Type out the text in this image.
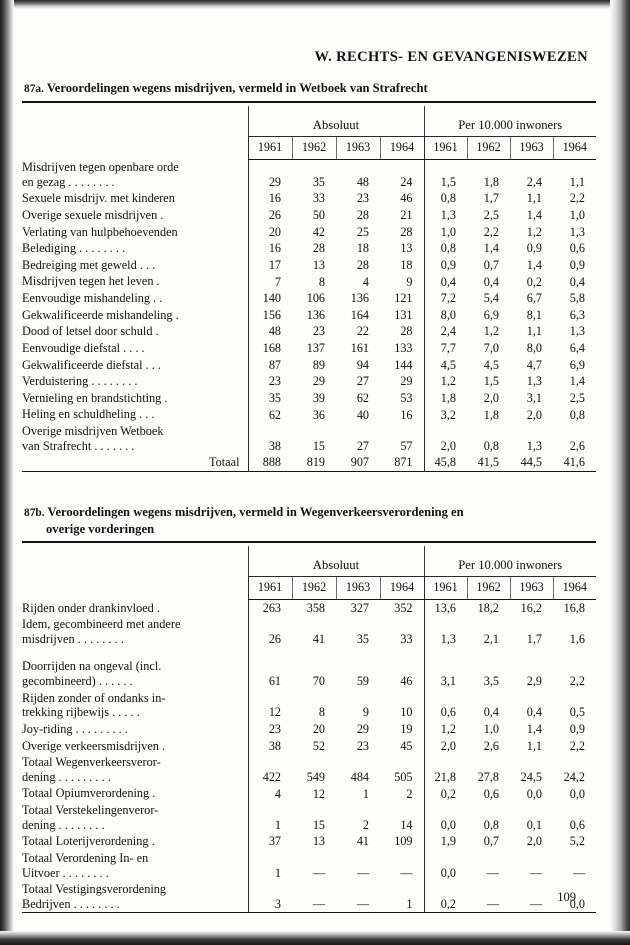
W. RECHTS- EN GEVANGENISWEZEN
87a. Veroordelingen wegens misdrijven, vermeld in Wetboek van Strafrecht

	Absoluut				Per 10.000 inwoners			
	1961	1962	1963	1964	1961	1962	1963	1964

Misdrijven tegen openbare orde
en gezag . . . . . . . .	29	35	48	24	1,5	1,8	2,4	1,1

Sexuele misdrijv. met kinderen	16	33	23	46	0,8	1,7	1,1	2,2

Overige sexuele misdrijven .	26	50	28	21	1,3	2,5	1,4	1,0

Verlating van hulpbehoevenden	20	42	25	28	1,0	2,2	1,2	1,3

Belediging . . . . . . . .	16	28	18	13	0,8	1,4	0,9	0,6

Bedreiging met geweld . . .	17	13	28	18	0,9	0,7	1,4	0,9

Misdrijven tegen het leven .	7	8	4	9	0,4	0,4	0,2	0,4

Eenvoudige mishandeling . .	140	106	136	121	7,2	5,4	6,7	5,8

Gekwalificeerde mishandeling .	156	136	164	131	8,0	6,9	8,1	6,3

Dood of letsel door schuld .	48	23	22	28	2,4	1,2	1,1	1,3

Eenvoudige diefstal . . . .	168	137	161	133	7,7	7,0	8,0	6,4

Gekwalificeerde diefstal . . .	87	89	94	144	4,5	4,5	4,7	6,9

Verduistering . . . . . . . .	23	29	27	29	1,2	1,5	1,3	1,4

Vernieling en brandstichting .	35	39	62	53	1,8	2,0	3,1	2,5

Heling en schuldheling . . .	62	36	40	16	3,2	1,8	2,0	0,8

Overige misdrijven Wetboek
van Strafrecht . . . . . . .	38	15	27	57	2,0	0,8	1,3	2,6
Totaal	888	819	907	871	45,8	41,5	44,5	41,6

87b. Veroordelingen wegens misdrijven, vermeld in Wegenverkeersverordening en
overige vorderingen

	Absoluut				Per 10.000 inwoners			
	1961	1962	1963	1964	1961	1962	1963	1964

Rijden onder drankinvloed .	263	358	327	352	13,6	18,2	16,2	16,8

Idem, gecombineerd met andere
misdrijven . . . . . . . .	26	41	35	33	1,3	2,1	1,7	1,6

Doorrijden na ongeval (incl.
gecombineerd) . . . . . .	61	70	59	46	3,1	3,5	2,9	2,2

Rijden zonder of ondanks in-
trekking rijbewijs . . . . .	12	8	9	10	0,6	0,4	0,4	0,5

Joy-riding . . . . . . . . .	23	20	29	19	1,2	1,0	1,4	0,9

Overige verkeersmisdrijven .	38	52	23	45	2,0	2,6	1,1	2,2

Totaal Wegenverkeersveror-
dening . . . . . . . . .	422	549	484	505	21,8	27,8	24,5	24,2

Totaal Opiumverordening .	4	12	1	2	0,2	0,6	0,0	0,0

Totaal Verstekelingenveror-
dening . . . . . . . .	1	15	2	14	0,0	0,8	0,1	0,6

Totaal Loterijverordening .	37	13	41	109	1,9	0,7	2,0	5,2

Totaal Verordening In- en
Uitvoer . . . . . . . .	1	—	—	—	0,0	—	—	—

Totaal Vestigingsverordening
Bedrijven . . . . . . . .	3	—	—	1	0,2	—	—	0,0

109
